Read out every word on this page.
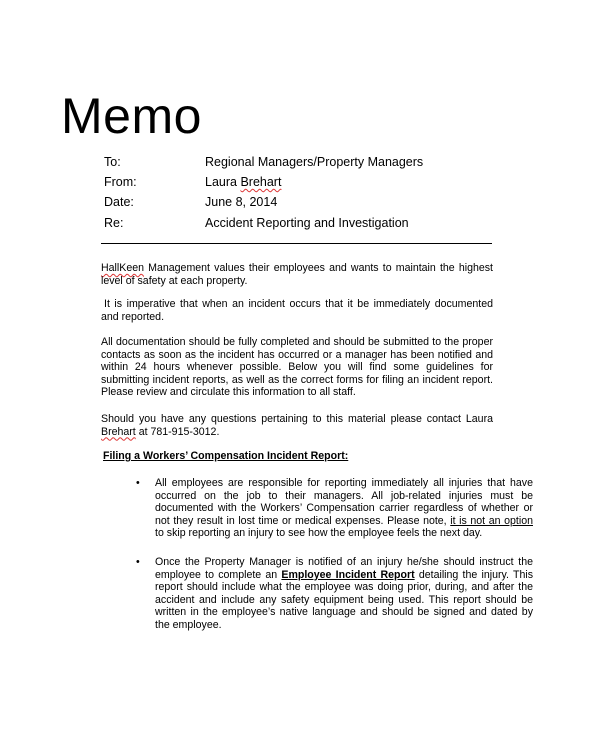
Memo
To:	Regional Managers/Property Managers
From:	Laura Brehart
Date:	June 8, 2014
Re:	Accident Reporting and Investigation
HallKeen Management values their employees and wants to maintain the highest level of safety at each property.
It is imperative that when an incident occurs that it be immediately documented and reported.
All documentation should be fully completed and should be submitted to the proper contacts as soon as the incident has occurred or a manager has been notified and within 24 hours whenever possible. Below you will find some guidelines for submitting incident reports, as well as the correct forms for filing an incident report. Please review and circulate this information to all staff.
Should you have any questions pertaining to this material please contact Laura Brehart at 781-915-3012.
Filing a Workers’ Compensation Incident Report:
• All employees are responsible for reporting immediately all injuries that have occurred on the job to their managers. All job-related injuries must be documented with the Workers’ Compensation carrier regardless of whether or not they result in lost time or medical expenses. Please note, it is not an option to skip reporting an injury to see how the employee feels the next day.
• Once the Property Manager is notified of an injury he/she should instruct the employee to complete an Employee Incident Report detailing the injury. This report should include what the employee was doing prior, during, and after the accident and include any safety equipment being used. This report should be written in the employee’s native language and should be signed and dated by the employee.
